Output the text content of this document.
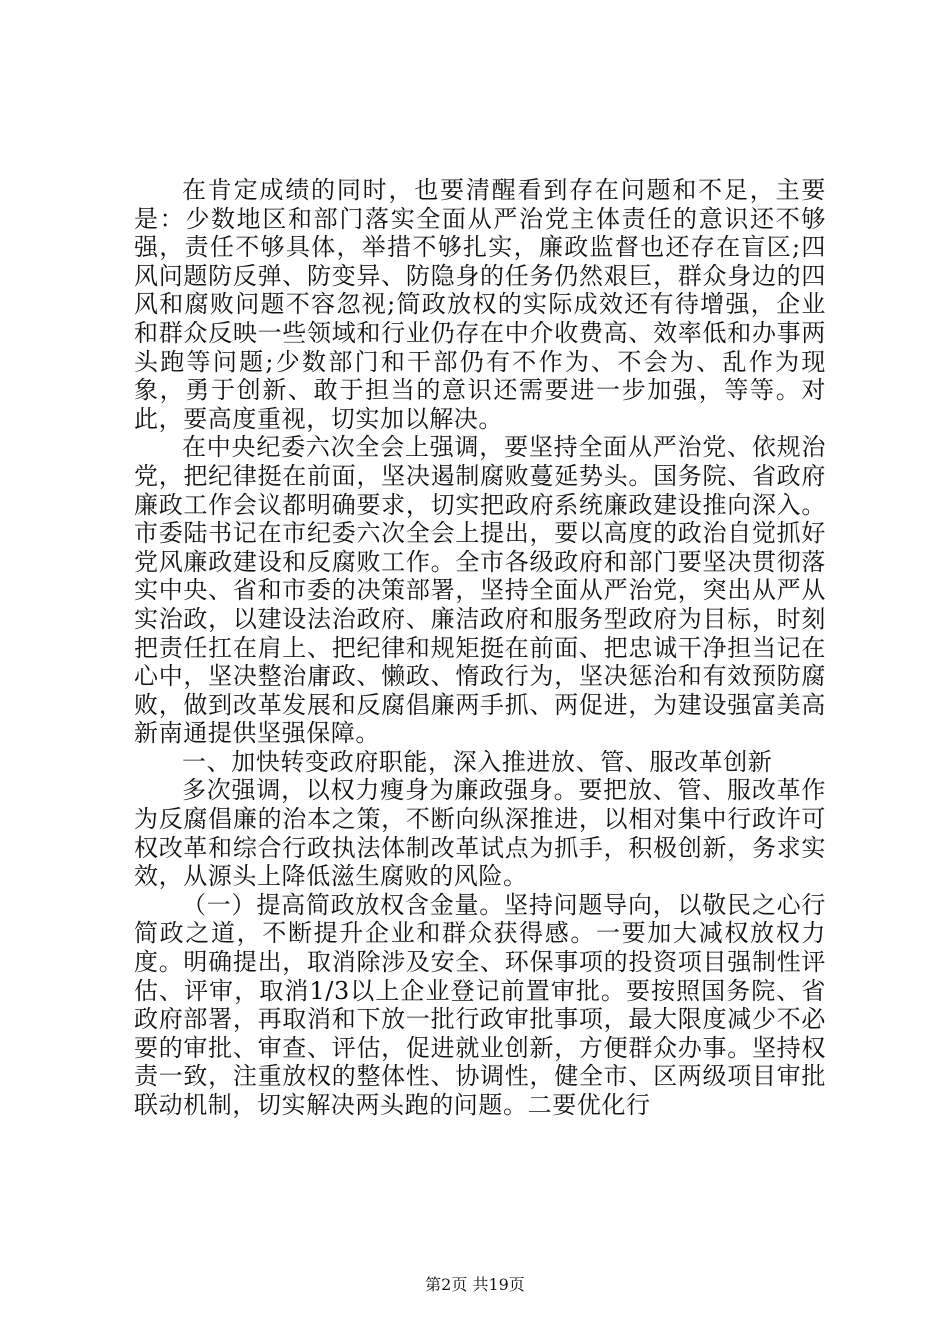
在肯定成绩的同时，也要清醒看到存在问题和不足，主要是：少数地区和部门落实全面从严治党主体责任的意识还不够强，责任不够具体，举措不够扎实，廉政监督也还存在盲区;四风问题防反弹、防变异、防隐身的任务仍然艰巨，群众身边的四风和腐败问题不容忽视;简政放权的实际成效还有待增强，企业和群众反映一些领域和行业仍存在中介收费高、效率低和办事两头跑等问题;少数部门和干部仍有不作为、不会为、乱作为现象，勇于创新、敢于担当的意识还需要进一步加强，等等。对此，要高度重视，切实加以解决。

在中央纪委六次全会上强调，要坚持全面从严治党、依规治党，把纪律挺在前面，坚决遏制腐败蔓延势头。国务院、省政府廉政工作会议都明确要求，切实把政府系统廉政建设推向深入。市委陆书记在市纪委六次全会上提出，要以高度的政治自觉抓好党风廉政建设和反腐败工作。全市各级政府和部门要坚决贯彻落实中央、省和市委的决策部署，坚持全面从严治党，突出从严从实治政，以建设法治政府、廉洁政府和服务型政府为目标，时刻把责任扛在肩上、把纪律和规矩挺在前面、把忠诚干净担当记在心中，坚决整治庸政、懒政、惰政行为，坚决惩治和有效预防腐败，做到改革发展和反腐倡廉两手抓、两促进，为建设强富美高新南通提供坚强保障。

一、加快转变政府职能，深入推进放、管、服改革创新

多次强调，以权力瘦身为廉政强身。要把放、管、服改革作为反腐倡廉的治本之策，不断向纵深推进，以相对集中行政许可权改革和综合行政执法体制改革试点为抓手，积极创新，务求实效，从源头上降低滋生腐败的风险。

（一）提高简政放权含金量。坚持问题导向，以敬民之心行简政之道，不断提升企业和群众获得感。一要加大减权放权力度。明确提出，取消除涉及安全、环保事项的投资项目强制性评估、评审，取消1/3以上企业登记前置审批。要按照国务院、省政府部署，再取消和下放一批行政审批事项，最大限度减少不必要的审批、审查、评估，促进就业创新，方便群众办事。坚持权责一致，注重放权的整体性、协调性，健全市、区两级项目审批联动机制，切实解决两头跑的问题。二要优化行

第2页 共19页
